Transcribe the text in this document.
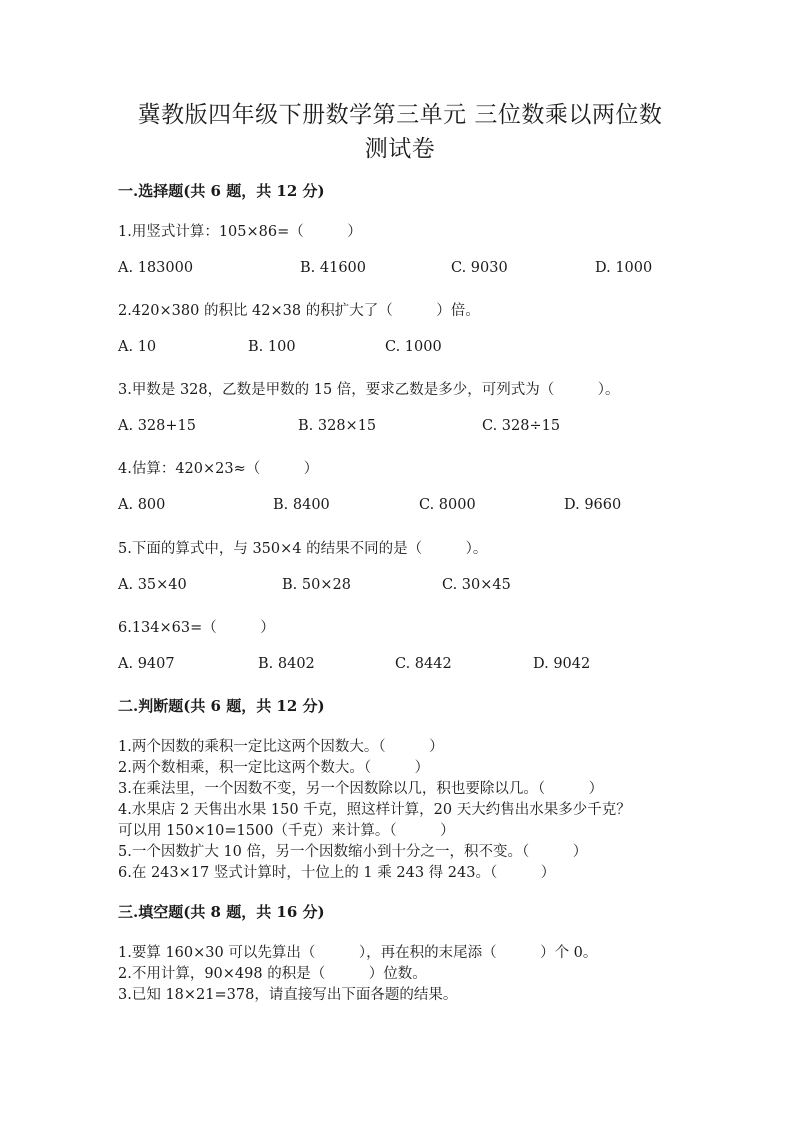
冀教版四年级下册数学第三单元 三位数乘以两位数
测试卷
一.选择题(共 6 题，共 12 分)
1.用竖式计算：105×86=（　　　）
A. 183000	B. 41600	C. 9030	D. 1000
2.420×380 的积比 42×38 的积扩大了（　　　）倍。
A. 10	B. 100	C. 1000
3.甲数是 328，乙数是甲数的 15 倍，要求乙数是多少，可列式为（　　　）。
A. 328+15	B. 328×15	C. 328÷15
4.估算：420×23≈（　　　）
A. 800	B. 8400	C. 8000	D. 9660
5.下面的算式中，与 350×4 的结果不同的是（　　　）。
A. 35×40	B. 50×28	C. 30×45
6.134×63=（　　　）
A. 9407	B. 8402	C. 8442	D. 9042
二.判断题(共 6 题，共 12 分)
1.两个因数的乘积一定比这两个因数大。（　　　）
2.两个数相乘，积一定比这两个数大。（　　　）
3.在乘法里，一个因数不变，另一个因数除以几，积也要除以几。（　　　）
4.水果店 2 天售出水果 150 千克，照这样计算，20 天大约售出水果多少千克？
可以用 150×10=1500（千克）来计算。（　　　）
5.一个因数扩大 10 倍，另一个因数缩小到十分之一，积不变。（　　　）
6.在 243×17 竖式计算时，十位上的 1 乘 243 得 243。（　　　）
三.填空题(共 8 题，共 16 分)
1.要算 160×30 可以先算出（　　　），再在积的末尾添（　　　）个 0。
2.不用计算，90×498 的积是（　　　）位数。
3.已知 18×21=378，请直接写出下面各题的结果。
